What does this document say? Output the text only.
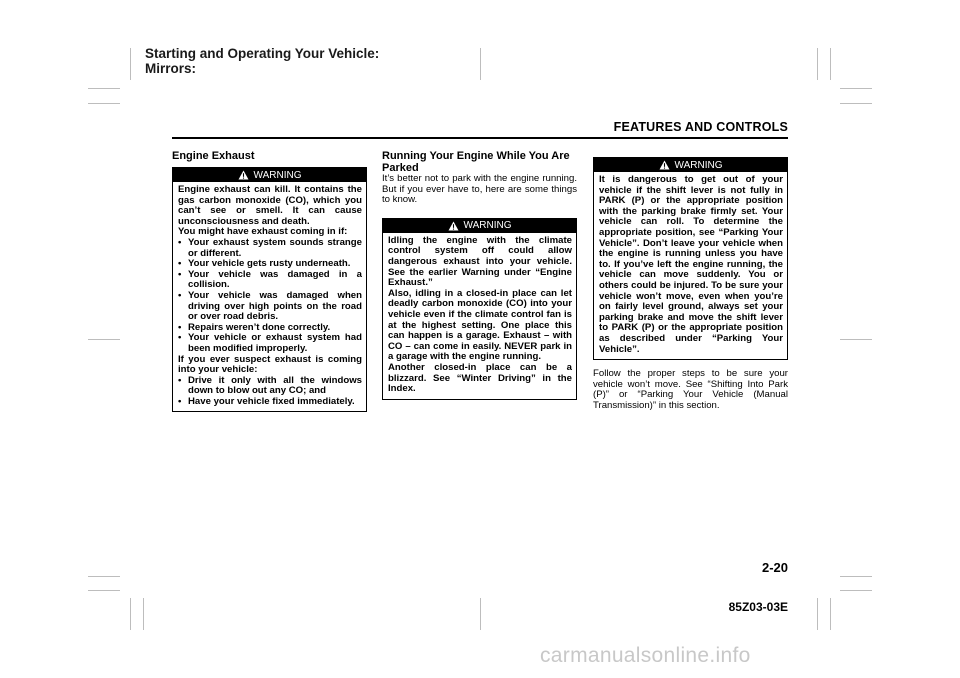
Starting and Operating Your Vehicle:
Mirrors:
FEATURES AND CONTROLS
Engine Exhaust
WARNING

Engine exhaust can kill. It contains the gas carbon monoxide (CO), which you can’t see or smell. It can cause unconsciousness and death.

You might have exhaust coming in if:

• Your exhaust system sounds strange or different.
• Your vehicle gets rusty underneath.
• Your vehicle was damaged in a collision.
• Your vehicle was damaged when driving over high points on the road or over road debris.
• Repairs weren’t done correctly.
• Your vehicle or exhaust system had been modified improperly.

If you ever suspect exhaust is coming into your vehicle:

• Drive it only with all the windows down to blow out any CO; and
• Have your vehicle fixed immediately.
Running Your Engine While You Are Parked

It’s better not to park with the engine running. But if you ever have to, here are some things to know.

WARNING

Idling the engine with the climate control system off could allow dangerous exhaust into your vehicle. See the earlier Warning under “Engine Exhaust.”

Also, idling in a closed-in place can let deadly carbon monoxide (CO) into your vehicle even if the climate control fan is at the highest setting. One place this can happen is a garage. Exhaust – with CO – can come in easily. NEVER park in a garage with the engine running.

Another closed-in place can be a blizzard. See “Winter Driving” in the Index.

WARNING

It is dangerous to get out of your vehicle if the shift lever is not fully in PARK (P) or the appropriate position with the parking brake firmly set. Your vehicle can roll. To determine the appropriate position, see “Parking Your Vehicle”. Don’t leave your vehicle when the engine is running unless you have to. If you’ve left the engine running, the vehicle can move suddenly. You or others could be injured. To be sure your vehicle won’t move, even when you’re on fairly level ground, always set your parking brake and move the shift lever to PARK (P) or the appropriate position as described under “Parking Your Vehicle”.

Follow the proper steps to be sure your vehicle won’t move. See “Shifting Into Park (P)” or “Parking Your Vehicle (Manual Transmission)” in this section.

2-20
85Z03-03E
carmanualsonline.info
